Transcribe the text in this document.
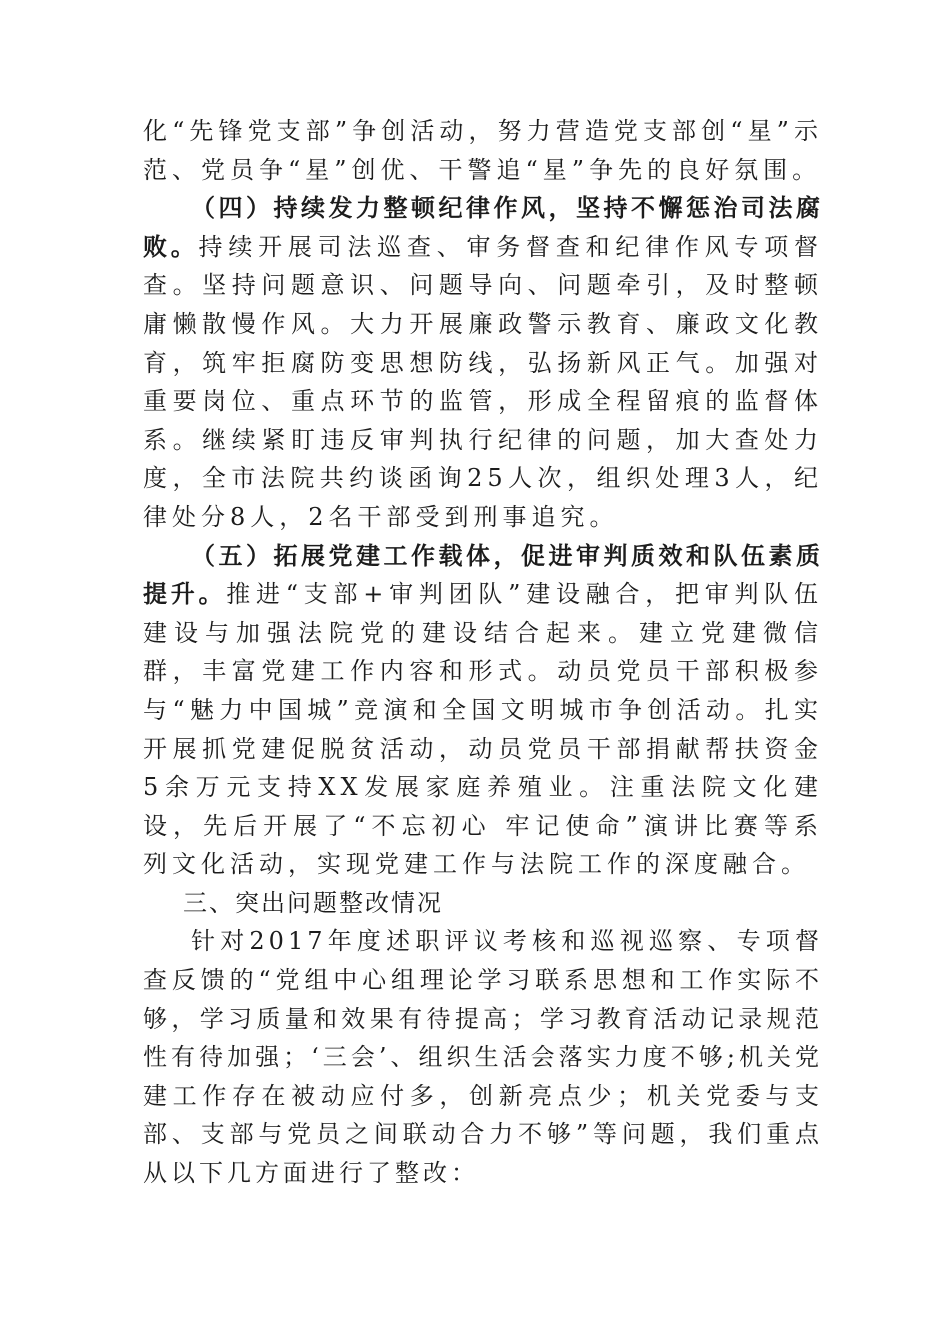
化“先锋党支部”争创活动，努力营造党支部创“星”示范、党员争“星”创优、干警追“星”争先的良好氛围。

（四）持续发力整顿纪律作风，坚持不懈惩治司法腐败。持续开展司法巡查、审务督查和纪律作风专项督查。坚持问题意识、问题导向、问题牵引，及时整顿庸懒散慢作风。大力开展廉政警示教育、廉政文化教育，筑牢拒腐防变思想防线，弘扬新风正气。加强对重要岗位、重点环节的监管，形成全程留痕的监督体系。继续紧盯违反审判执行纪律的问题，加大查处力度，全市法院共约谈函询25人次，组织处理3人，纪律处分8人，2名干部受到刑事追究。

（五）拓展党建工作载体，促进审判质效和队伍素质提升。推进“支部+审判团队”建设融合，把审判队伍建设与加强法院党的建设结合起来。建立党建微信群，丰富党建工作内容和形式。动员党员干部积极参与“魅力中国城”竞演和全国文明城市争创活动。扎实开展抓党建促脱贫活动，动员党员干部捐献帮扶资金5余万元支持XX发展家庭养殖业。注重法院文化建设，先后开展了“不忘初心 牢记使命”演讲比赛等系列文化活动，实现党建工作与法院工作的深度融合。

三、突出问题整改情况

针对2017年度述职评议考核和巡视巡察、专项督查反馈的“党组中心组理论学习联系思想和工作实际不够，学习质量和效果有待提高；学习教育活动记录规范性有待加强；‘三会’、组织生活会落实力度不够;机关党建工作存在被动应付多，创新亮点少；机关党委与支部、支部与党员之间联动合力不够”等问题，我们重点从以下几方面进行了整改：
